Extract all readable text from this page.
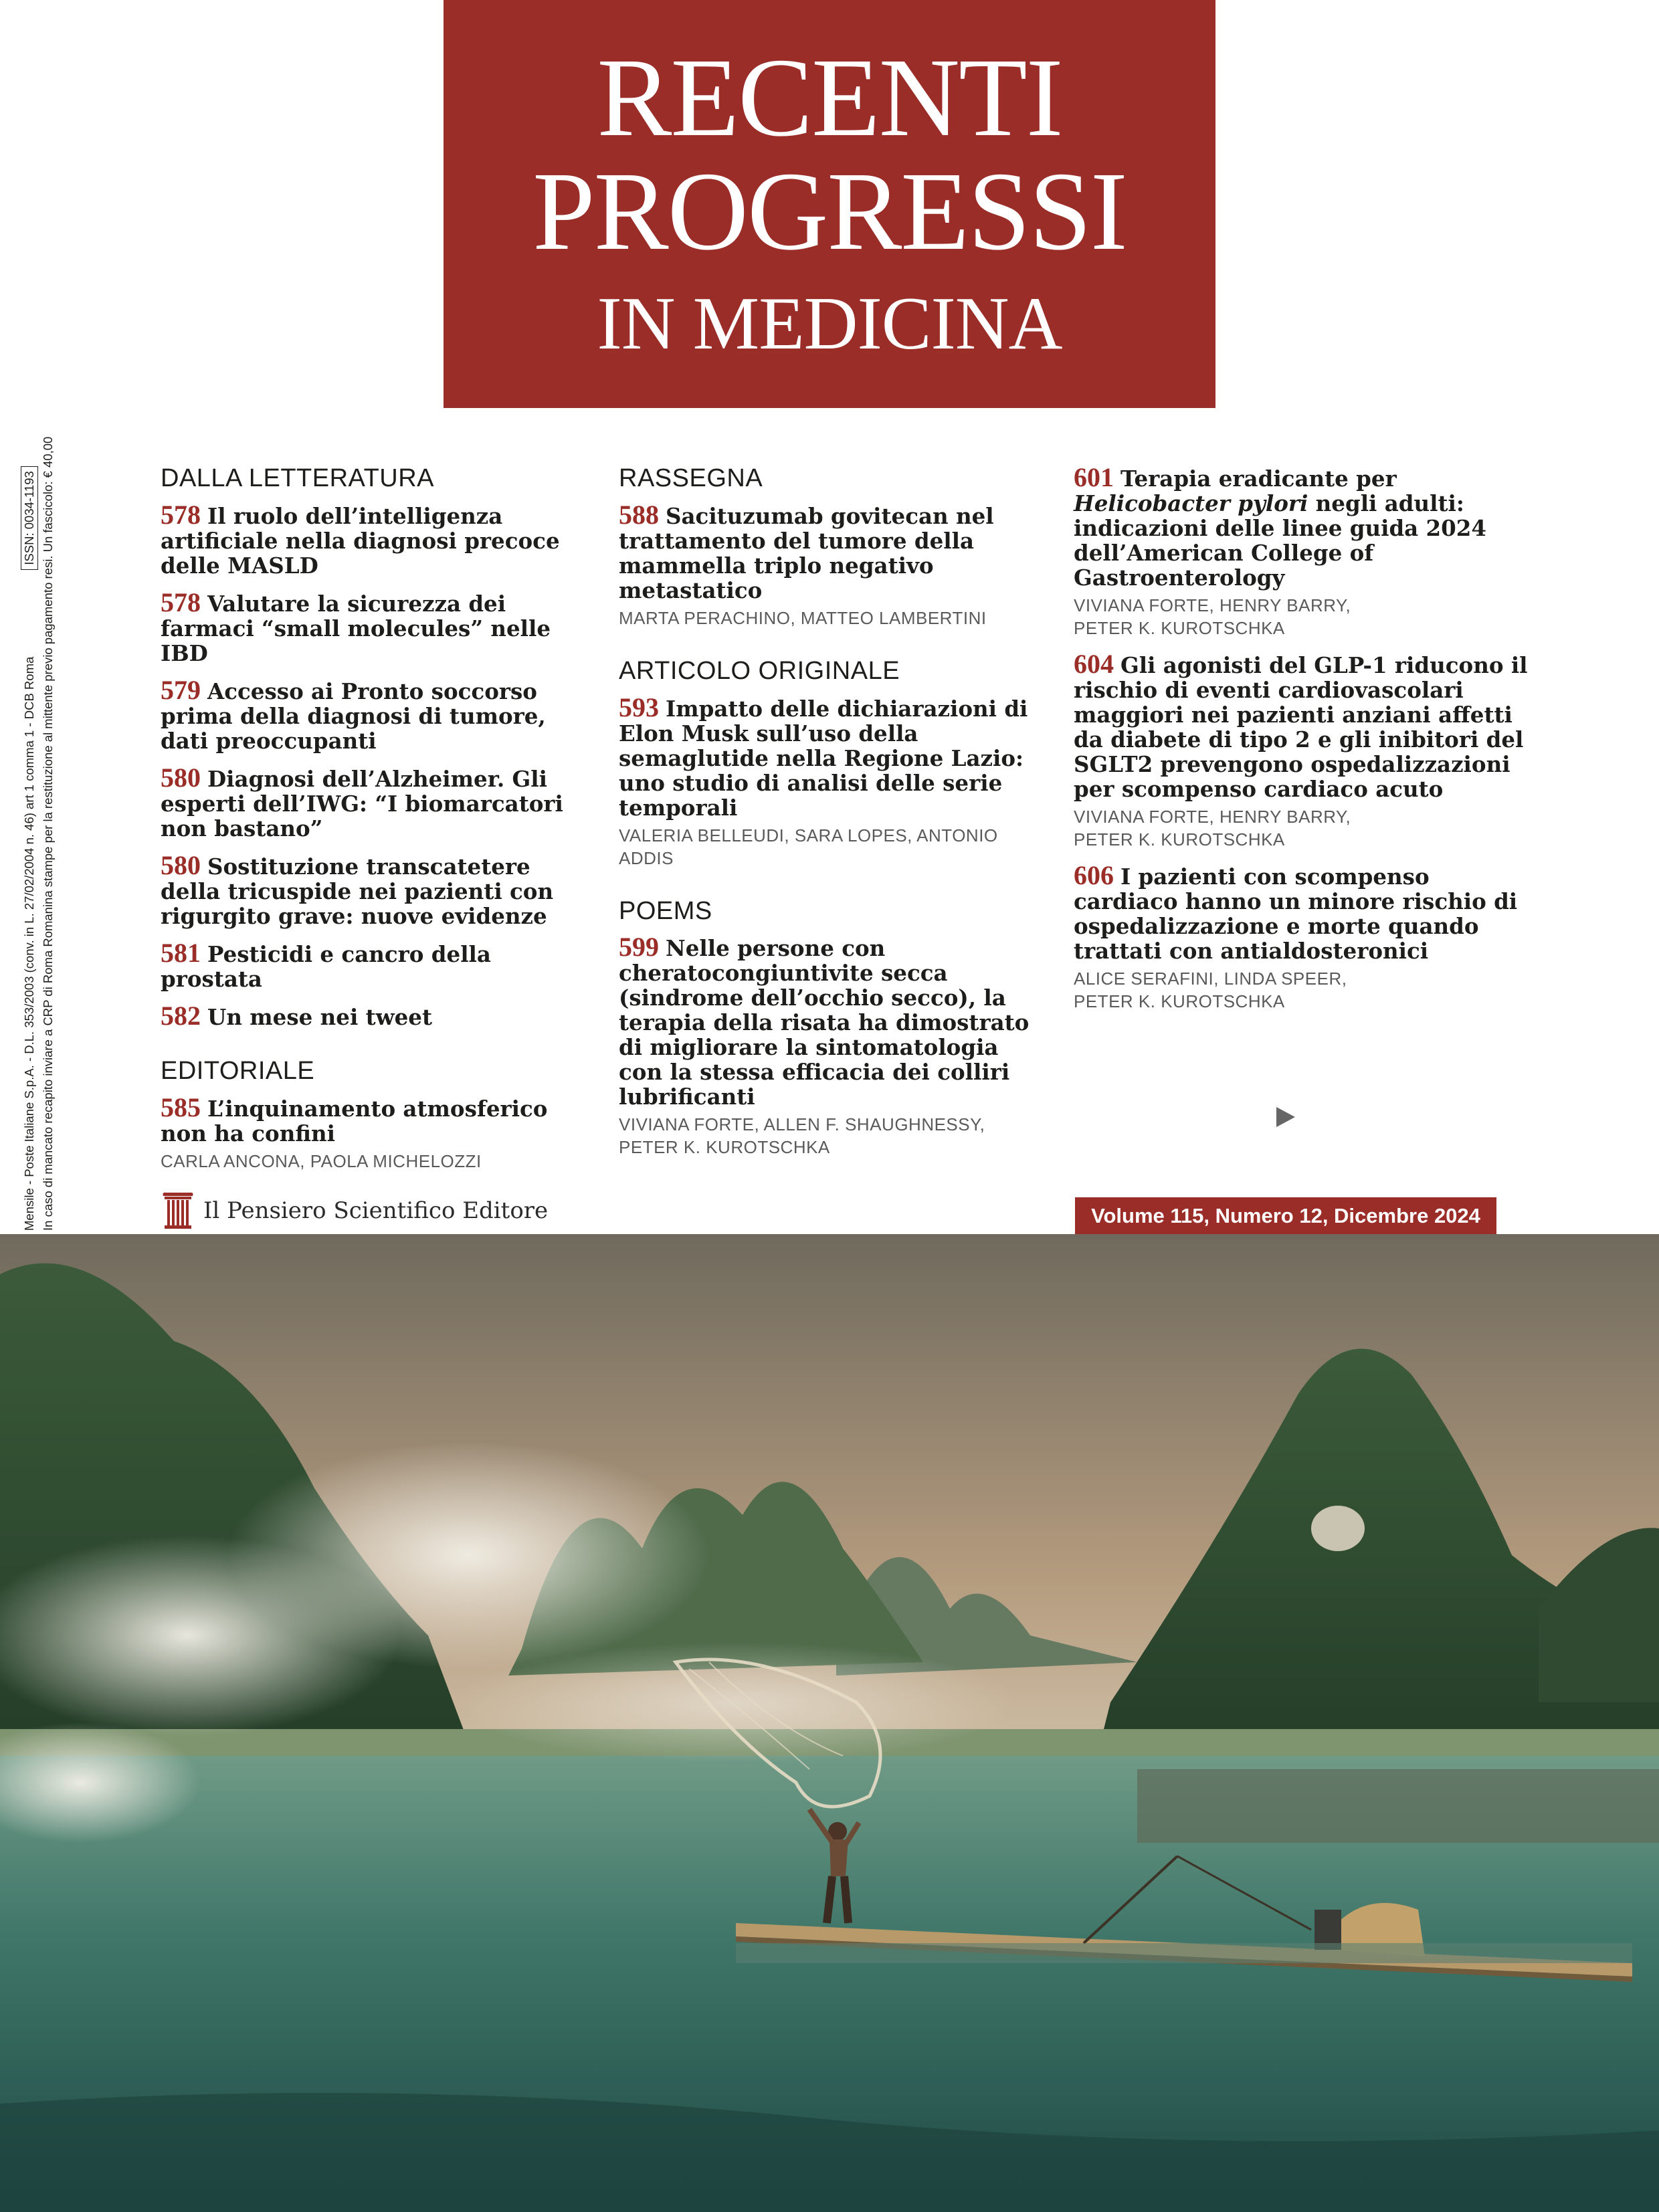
RECENTI
PROGRESSI
IN MEDICINA
Mensile - Poste Italiane S.p.A. - D.L. 353/2003 (conv. in L. 27/02/2004 n. 46) art 1 comma 1 - DCB RomaISSN: 0034-1193 In caso di mancato recapito inviare a CRP di Roma Romanina stampe per la restituzione al mittente previo pagamento resi. Un fascicolo: € 40,00	DALLA LETTERATURA
578 Il ruolo dell’intelligenza artificiale nella diagnosi precoce delle MASLD
578 Valutare la sicurezza dei farmaci “small molecules” nelle IBD
579 Accesso ai Pronto soccorso prima della diagnosi di tumore, dati preoccupanti
580 Diagnosi dell’Alzheimer. Gli esperti dell’IWG: “I biomarcatori non bastano”
580 Sostituzione transcatetere della tricuspide nei pazienti con rigurgito grave: nuove evidenze
581 Pesticidi e cancro della prostata
582 Un mese nei tweet
EDITORIALE
585 L’inquinamento atmosferico non ha confini
CARLA ANCONA, PAOLA MICHELOZZI
RASSEGNA
588 Sacituzumab govitecan nel trattamento del tumore della mammella triplo negativo metastatico
MARTA PERACHINO, MATTEO LAMBERTINI
ARTICOLO ORIGINALE
593 Impatto delle dichiarazioni di Elon Musk sull’uso della semaglutide nella Regione Lazio: uno studio di analisi delle serie temporali
VALERIA BELLEUDI, SARA LOPES, ANTONIO ADDIS
POEMS
599 Nelle persone con cheratocongiuntivite secca (sindrome dell’occhio secco), la terapia della risata ha dimostrato di migliorare la sintomatologia con la stessa efficacia dei colliri lubrificanti
VIVIANA FORTE, ALLEN F. SHAUGHNESSY,
PETER K. KUROTSCHKA
601 Terapia eradicante per Helicobacter pylori negli adulti: indicazioni delle linee guida 2024 dell’American College of Gastroenterology
VIVIANA FORTE, HENRY BARRY,
PETER K. KUROTSCHKA
604 Gli agonisti del GLP-1 riducono il rischio di eventi cardiovascolari maggiori nei pazienti anziani affetti da diabete di tipo 2 e gli inibitori del SGLT2 prevengono ospedalizzazioni per scompenso cardiaco acuto
VIVIANA FORTE, HENRY BARRY,
PETER K. KUROTSCHKA
606 I pazienti con scompenso cardiaco hanno un minore rischio di ospedalizzazione e morte quando trattati con antialdosteronici
ALICE SERAFINI, LINDA SPEER,
PETER K. KUROTSCHKA
Il Pensiero Scientifico Editore	Volume 115, Numero 12, Dicembre 2024
